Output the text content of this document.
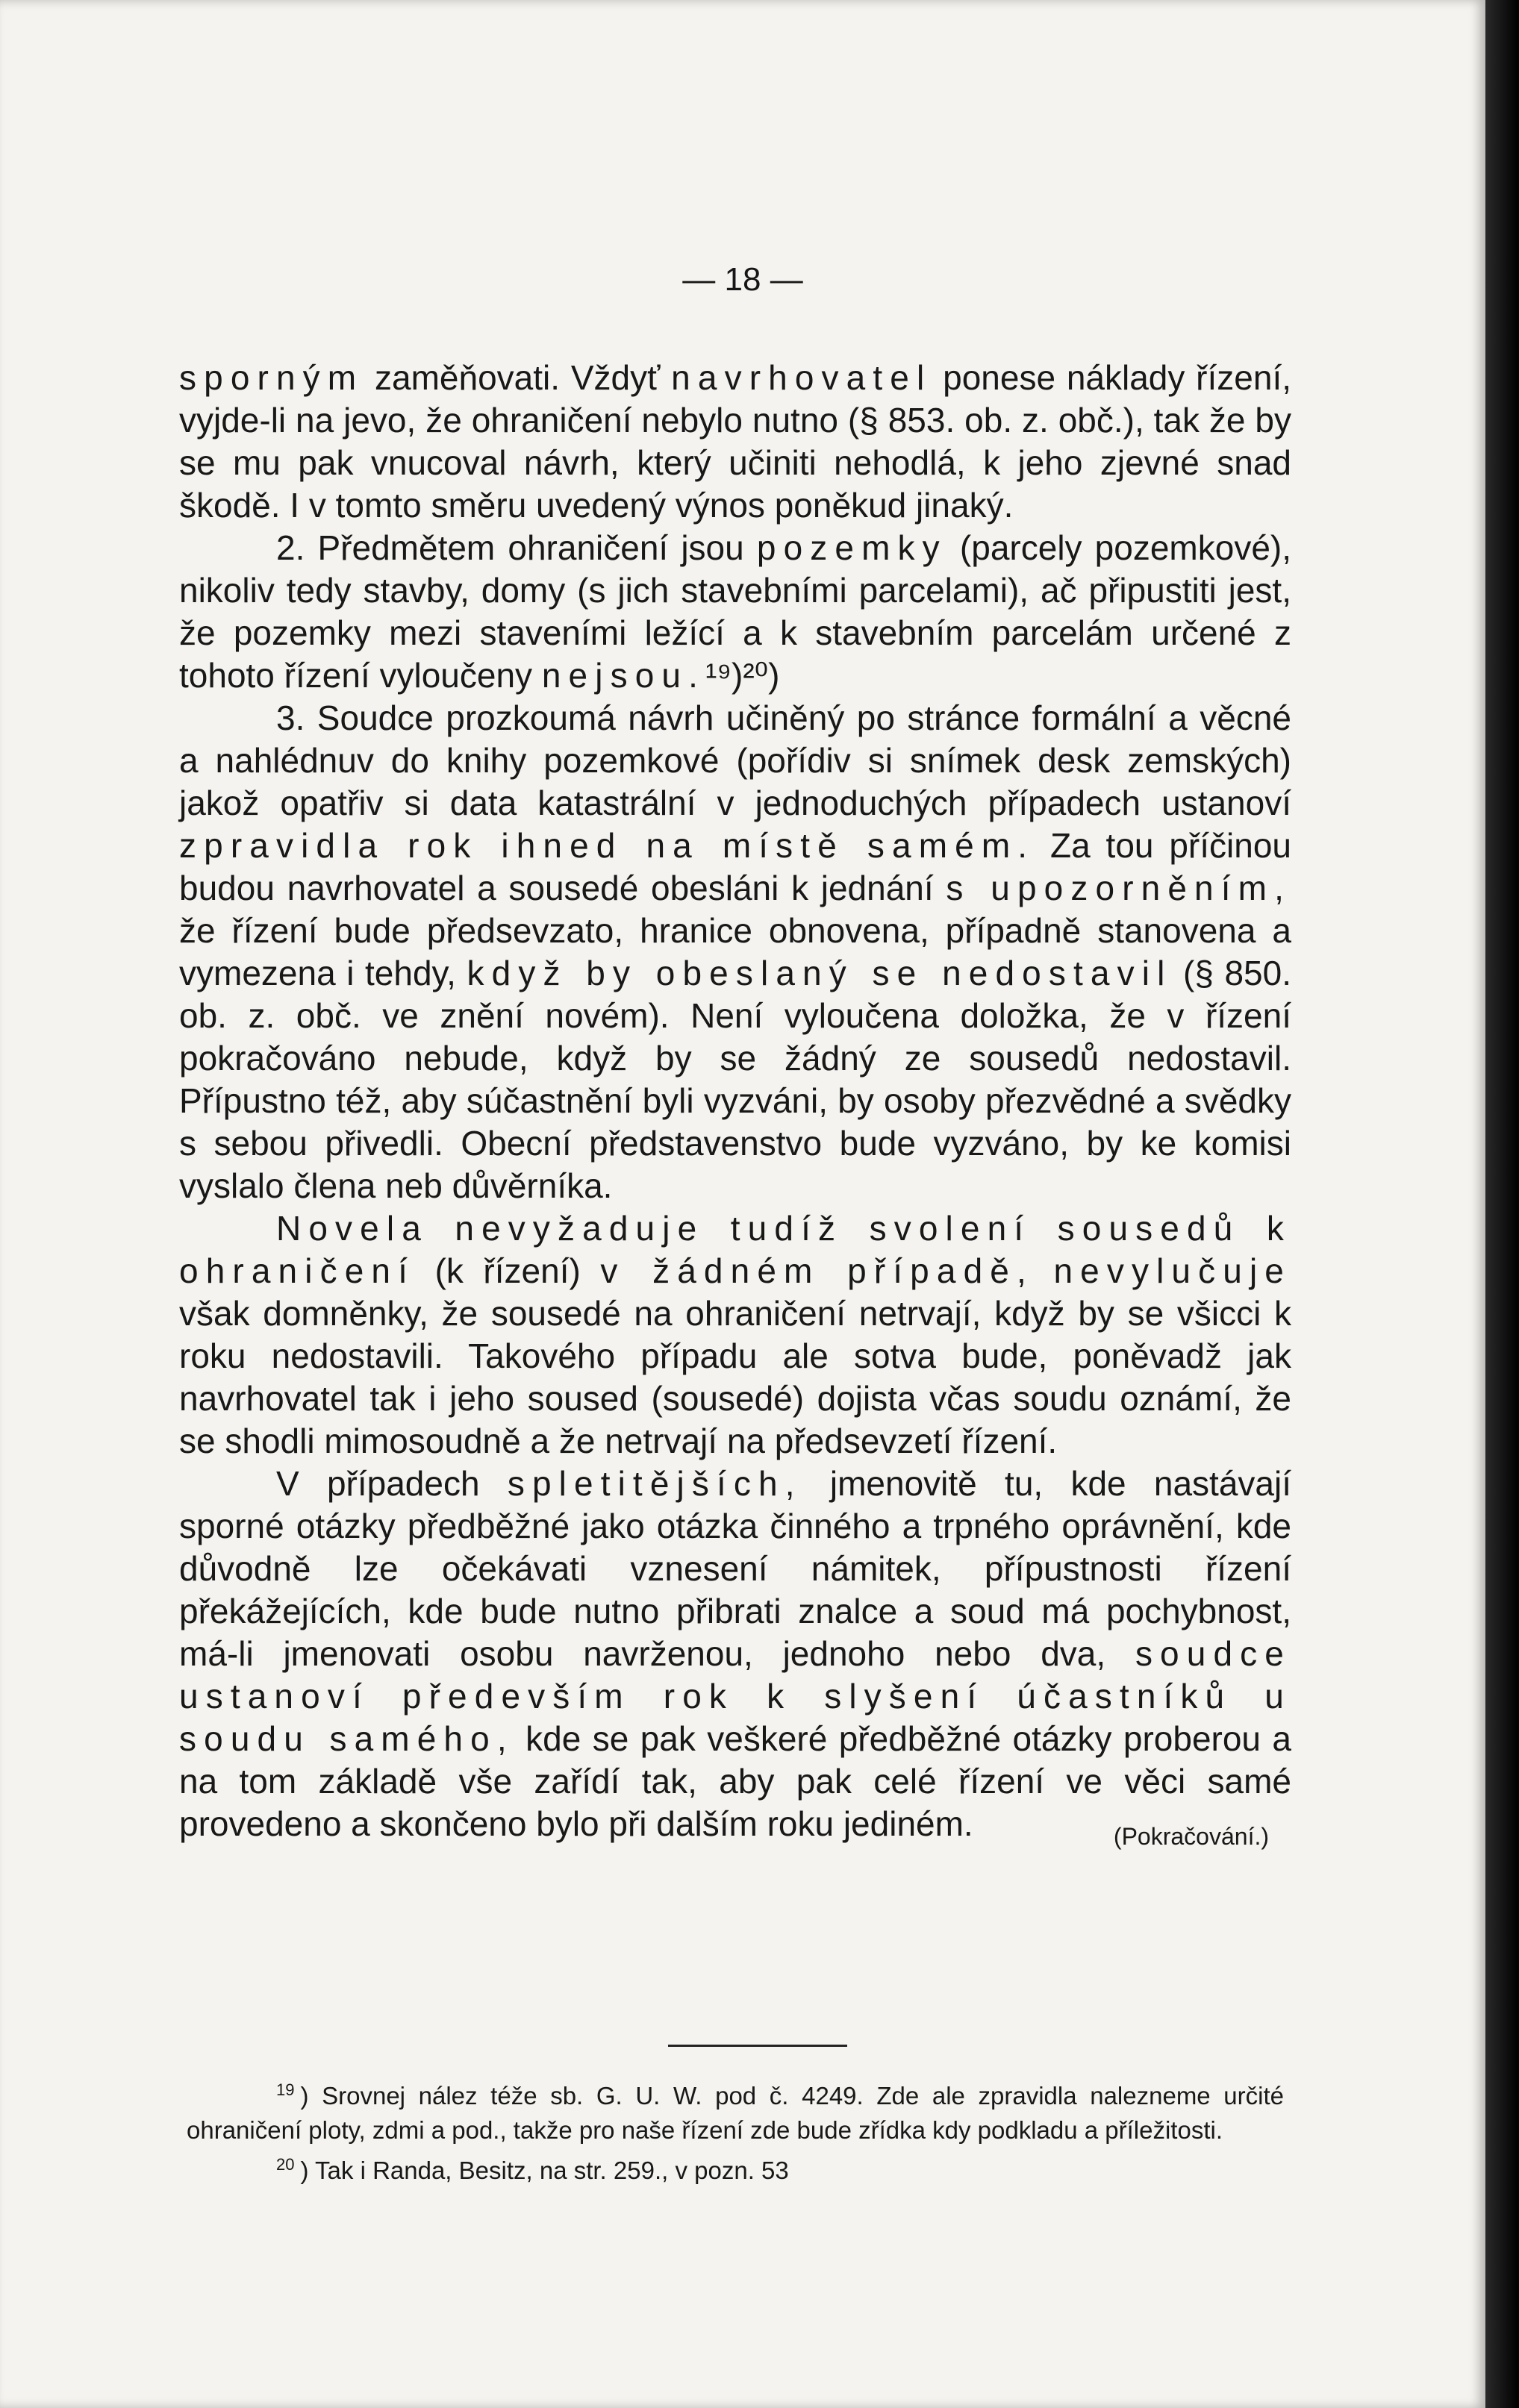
— 18 —

sporným zaměňovati. Vždyť navrhovatel ponese náklady řízení, vyjde-li na jevo, že ohraničení nebylo nutno (§ 853. ob. z. obč.), tak že by se mu pak vnucoval návrh, který učiniti nehodlá, k jeho zjevné snad škodě. I v tomto směru uvedený výnos poněkud jinaký.

2. Předmětem ohraničení jsou pozemky (parcely pozemkové), nikoliv tedy stavby, domy (s jich stavebními parcelami), ač připustiti jest, že pozemky mezi staveními ležící a k stavebním parcelám určené z tohoto řízení vyloučeny nejsou.¹⁹)²⁰)

3. Soudce prozkoumá návrh učiněný po stránce formální a věcné a nahlédnuv do knihy pozemkové (pořídiv si snímek desk zemských) jakož opatřiv si data katastrální v jednoduchých případech ustanoví zpravidla rok ihned na místě samém. Za tou příčinou budou navrhovatel a sousedé obesláni k jednání s upozorněním, že řízení bude předsevzato, hranice obnovena, případně stanovena a vymezena i tehdy, když by obeslaný se nedostavil (§ 850. ob. z. obč. ve znění novém). Není vyloučena doložka, že v řízení pokračováno nebude, když by se žádný ze sousedů nedostavil. Přípustno též, aby súčastnění byli vyzváni, by osoby přezvědné a svědky s sebou přivedli. Obecní představenstvo bude vyzváno, by ke komisi vyslalo člena neb důvěrníka.

Novela nevyžaduje tudíž svolení sousedů k ohraničení (k řízení) v žádném případě, nevylučuje však domněnky, že sousedé na ohraničení netrvají, když by se všicci k roku nedostavili. Takového případu ale sotva bude, poněvadž jak navrhovatel tak i jeho soused (sousedé) dojista včas soudu oznámí, že se shodli mimosoudně a že netrvají na předsevzetí řízení.

V případech spletitějších, jmenovitě tu, kde nastávají sporné otázky předběžné jako otázka činného a trpného oprávnění, kde důvodně lze očekávati vznesení námitek, přípustnosti řízení překážejících, kde bude nutno přibrati znalce a soud má pochybnost, má-li jmenovati osobu navrženou, jednoho nebo dva, soudce ustanoví především rok k slyšení účastníků u soudu samého, kde se pak veškeré předběžné otázky proberou a na tom základě vše zařídí tak, aby pak celé řízení ve věci samé provedeno a skončeno bylo při dalším roku jediném.	(Pokračování.)

$^{19}$ ) Srovnej nález téže sb. G. U. W. pod č. 4249. Zde ale zpravidla nalezneme určité ohraničení ploty, zdmi a pod., takže pro naše řízení zde bude zřídka kdy podkladu a příležitosti.

$^{20}$ ) Tak i Randa, Besitz, na str. 259., v pozn. 53
